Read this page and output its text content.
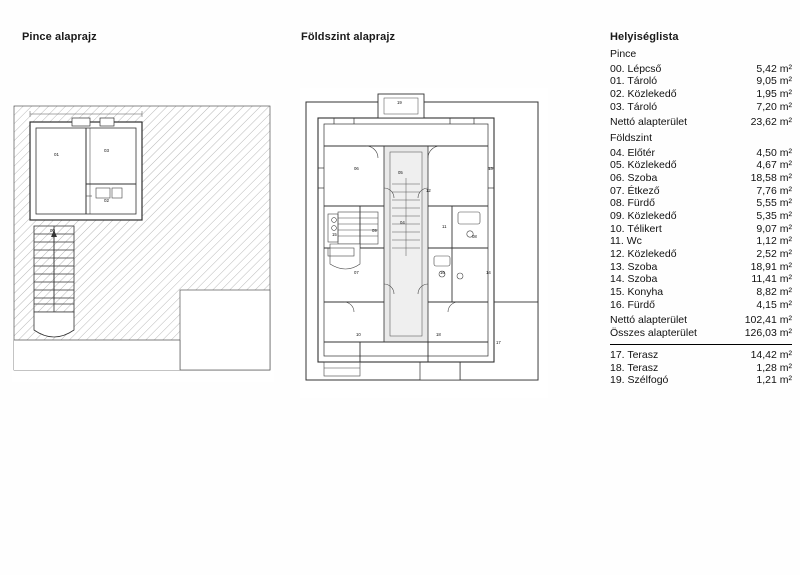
Pince alaprajz	Földszint alaprajz	Helyiséglista
01
03
02
00
19
06	13
05
12
04
09
15
11
08
07	16	14
10	18
17
Pince
00. Lépcső	5,42 m²
01. Tároló	9,05 m²
02. Közlekedő	1,95 m²
03. Tároló	7,20 m²
Nettó alapterület	23,62 m²
Földszint
04. Előtér	4,50 m²
05. Közlekedő	4,67 m²
06. Szoba	18,58 m²
07. Étkező	7,76 m²
08. Fürdő	5,55 m²
09. Közlekedő	5,35 m²
10. Télikert	9,07 m²
11. Wc	1,12 m²
12. Közlekedő	2,52 m²
13. Szoba	18,91 m²
14. Szoba	11,41 m²
15. Konyha	8,82 m²
16. Fürdő	4,15 m²
Nettó alapterület	102,41 m²
Összes alapterület	126,03 m²
17. Terasz	14,42 m²
18. Terasz	1,28 m²
19. Szélfogó	1,21 m²
